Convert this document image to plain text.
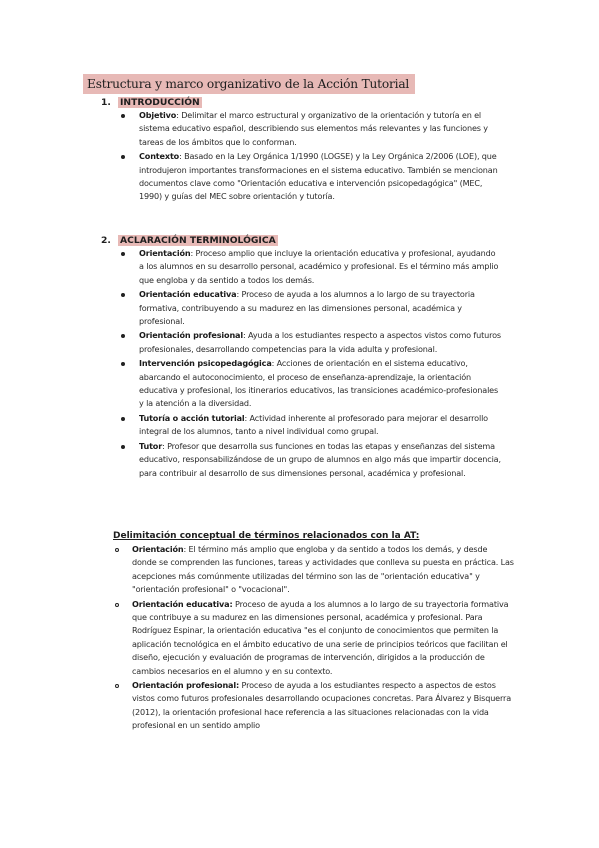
Estructura y marco organizativo de la Acción Tutorial
1. INTRODUCCIÓN
Objetivo: Delimitar el marco estructural y organizativo de la orientación y tutoría en el sistema educativo español, describiendo sus elementos más relevantes y las funciones y tareas de los ámbitos que lo conforman.
Contexto: Basado en la Ley Orgánica 1/1990 (LOGSE) y la Ley Orgánica 2/2006 (LOE), que introdujeron importantes transformaciones en el sistema educativo. También se mencionan documentos clave como "Orientación educativa e intervención psicopedagógica" (MEC, 1990) y guías del MEC sobre orientación y tutoría.
2. ACLARACIÓN TERMINOLÓGICA
Orientación: Proceso amplio que incluye la orientación educativa y profesional, ayudando a los alumnos en su desarrollo personal, académico y profesional. Es el término más amplio que engloba y da sentido a todos los demás.
Orientación educativa: Proceso de ayuda a los alumnos a lo largo de su trayectoria formativa, contribuyendo a su madurez en las dimensiones personal, académica y profesional.
Orientación profesional: Ayuda a los estudiantes respecto a aspectos vistos como futuros profesionales, desarrollando competencias para la vida adulta y profesional.
Intervención psicopedagógica: Acciones de orientación en el sistema educativo, abarcando el autoconocimiento, el proceso de enseñanza-aprendizaje, la orientación educativa y profesional, los itinerarios educativos, las transiciones académico-profesionales y la atención a la diversidad.
Tutoría o acción tutorial: Actividad inherente al profesorado para mejorar el desarrollo integral de los alumnos, tanto a nivel individual como grupal.
Tutor: Profesor que desarrolla sus funciones en todas las etapas y enseñanzas del sistema educativo, responsabilizándose de un grupo de alumnos en algo más que impartir docencia, para contribuir al desarrollo de sus dimensiones personal, académica y profesional.
Delimitación conceptual de términos relacionados con la AT:
Orientación: El término más amplio que engloba y da sentido a todos los demás, y desde donde se comprenden las funciones, tareas y actividades que conlleva su puesta en práctica. Las acepciones más comúnmente utilizadas del término son las de "orientación educativa" y "orientación profesional" o "vocacional".
Orientación educativa: Proceso de ayuda a los alumnos a lo largo de su trayectoria formativa que contribuye a su madurez en las dimensiones personal, académica y profesional. Para Rodríguez Espinar, la orientación educativa "es el conjunto de conocimientos que permiten la aplicación tecnológica en el ámbito educativo de una serie de principios teóricos que facilitan el diseño, ejecución y evaluación de programas de intervención, dirigidos a la producción de cambios necesarios en el alumno y en su contexto.
Orientación profesional: Proceso de ayuda a los estudiantes respecto a aspectos de estos vistos como futuros profesionales desarrollando ocupaciones concretas. Para Álvarez y Bisquerra (2012), la orientación profesional hace referencia a las situaciones relacionadas con la vida profesional en un sentido amplio
